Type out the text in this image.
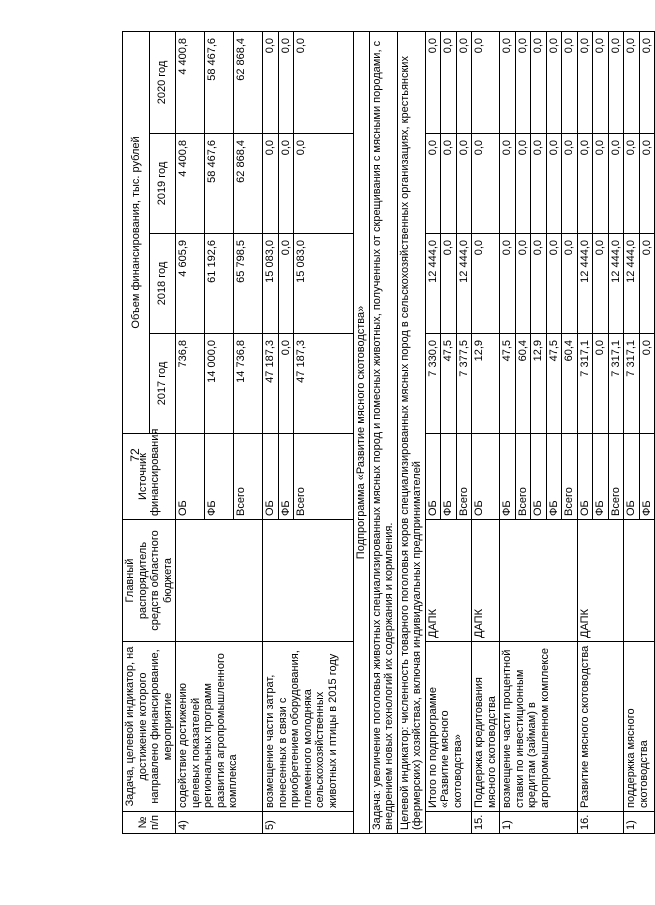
72
№ п/п	Задача, целевой индикатор, на достижение которого направлено финансирование, мероприятие	Главный распорядитель средств областного бюджета	Источник финансирования	Объем финансирования, тыс. рублей			
				2017 год	2018 год	2019 год	2020 год
4)	содействие достижению целевых показателей региональных программ развития агропромышленного комплекса		ОБ	736,8	4 605,9	4 400,8	4 400,8
			ФБ	14 000,0	61 192,6	58 467,6	58 467,6
			Всего	14 736,8	65 798,5	62 868,4	62 868,4
5)	возмещение части затрат, понесенных в связи с приобретением оборудования, племенного молодняка сельскохозяйственных животных и птицы в 2015 году		ОБ	47 187,3	15 083,0	0,0	0,0
			ФБ	0,0	0,0	0,0	0,0
			Всего	47 187,3	15 083,0	0,0	0,0
Подпрограмма «Развитие мясного скотоводства»							
Задача: увеличение поголовья животных специализированных мясных пород и помесных животных, полученных от скрещивания с мясными породами, с внедрением новых технологий их содержания и кормления.							
Целевой индикатор: численность товарного поголовья коров специализированных мясных пород в сельскохозяйственных организациях, крестьянских (фермерских) хозяйствах, включая индивидуальных предпринимателей							
	Итого по подпрограмме «Развитие мясного скотоводства»	ДАПК	ОБ	7 330,0	12 444,0	0,0	0,0
			ФБ	47,5	0,0	0,0	0,0
			Всего	7 377,5	12 444,0	0,0	0,0
15.	Поддержка кредитования мясного скотоводства	ДАПК	ОБ	12,9	0,0	0,0	0,0
1)	возмещение части процентной ставки по инвестиционным кредитам (займам) в агропромышленном комплексе		ФБ	47,5	0,0	0,0	0,0
			Всего	60,4	0,0	0,0	0,0
			ОБ	12,9	0,0	0,0	0,0
			ФБ	47,5	0,0	0,0	0,0
			Всего	60,4	0,0	0,0	0,0
16.	Развитие мясного скотоводства	ДАПК	ОБ	7 317,1	12 444,0	0,0	0,0
			ФБ	0,0	0,0	0,0	0,0
			Всего	7 317,1	12 444,0	0,0	0,0
1)	поддержка мясного скотоводства		ОБ	7 317,1	12 444,0	0,0	0,0
			ФБ	0,0	0,0	0,0	0,0
